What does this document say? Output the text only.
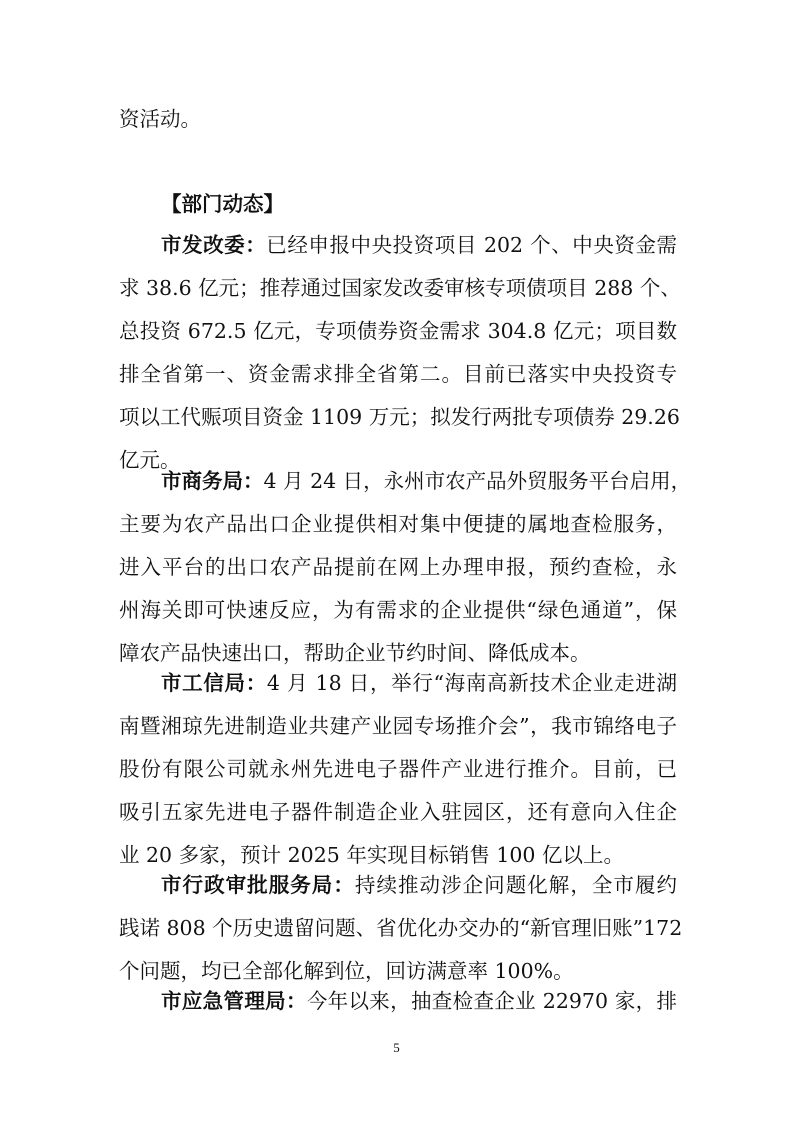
资活动。
【部门动态】
市发改委：已经申报中央投资项目 202 个、中央资金需
求 38.6 亿元；推荐通过国家发改委审核专项债项目 288 个、
总投资 672.5 亿元，专项债券资金需求 304.8 亿元；项目数
排全省第一、资金需求排全省第二。目前已落实中央投资专
项以工代赈项目资金 1109 万元；拟发行两批专项债券 29.26
亿元。
市商务局：4 月 24 日，永州市农产品外贸服务平台启用，
主要为农产品出口企业提供相对集中便捷的属地查检服务，
进入平台的出口农产品提前在网上办理申报，预约查检，永
州海关即可快速反应，为有需求的企业提供“绿色通道”，保
障农产品快速出口，帮助企业节约时间、降低成本。
市工信局：4 月 18 日，举行“海南高新技术企业走进湖
南暨湘琼先进制造业共建产业园专场推介会”，我市锦络电子
股份有限公司就永州先进电子器件产业进行推介。目前，已
吸引五家先进电子器件制造企业入驻园区，还有意向入住企
业 20 多家，预计 2025 年实现目标销售 100 亿以上。
市行政审批服务局：持续推动涉企问题化解，全市履约
践诺 808 个历史遗留问题、省优化办交办的“新官理旧账”172
个问题，均已全部化解到位，回访满意率 100%。
市应急管理局：今年以来，抽查检查企业 22970 家，排
5
